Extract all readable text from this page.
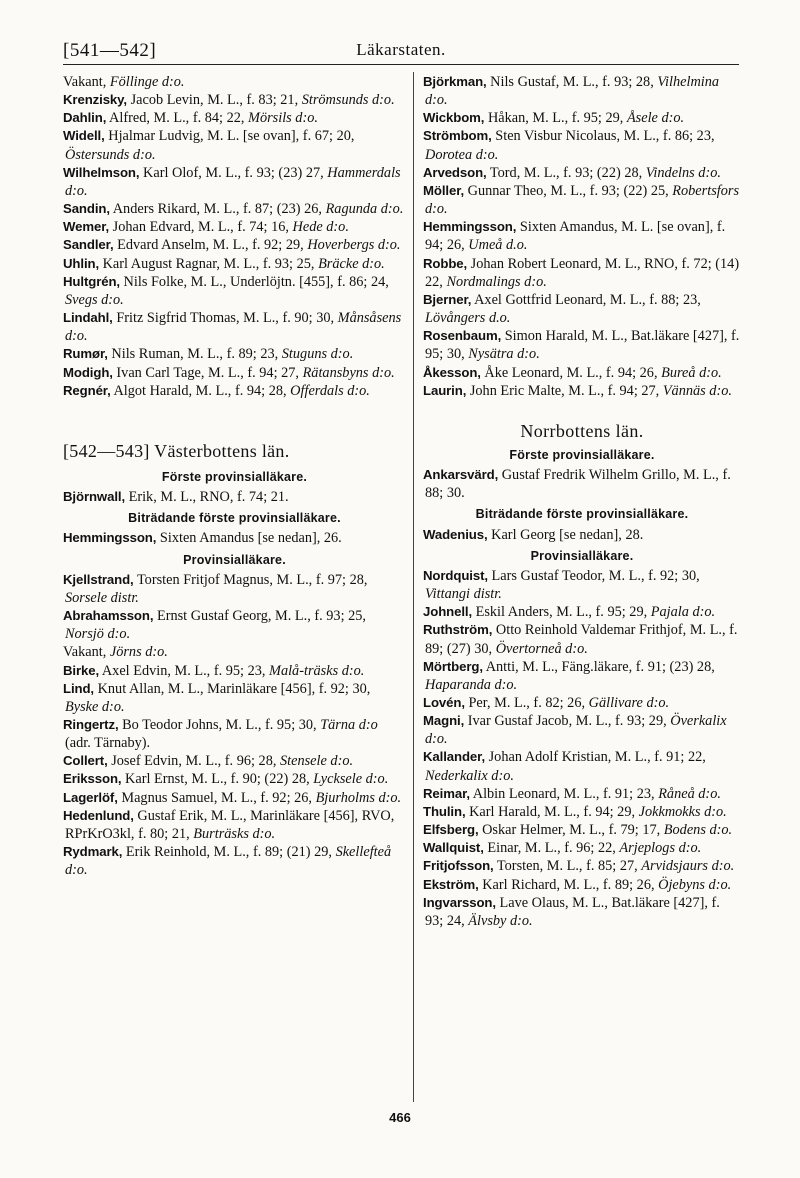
[541—542]	Läkarstaten.
Vakant, Föllinge d:o.
Krenzisky, Jacob Levin, M. L., f. 83; 21, Strömsunds d:o.
Dahlin, Alfred, M. L., f. 84; 22, Mörsils d:o.
Widell, Hjalmar Ludvig, M. L. [se ovan], f. 67; 20, Östersunds d:o.
Wilhelmson, Karl Olof, M. L., f. 93; (23) 27, Hammerdals d:o.
Sandin, Anders Rikard, M. L., f. 87; (23) 26, Ragunda d:o.
Wemer, Johan Edvard, M. L., f. 74; 16, Hede d:o.
Sandler, Edvard Anselm, M. L., f. 92; 29, Hoverbergs d:o.
Uhlin, Karl August Ragnar, M. L., f. 93; 25, Bräcke d:o.
Hultgrén, Nils Folke, M. L., Underlöjtn. [455], f. 86; 24, Svegs d:o.
Lindahl, Fritz Sigfrid Thomas, M. L., f. 90; 30, Månsåsens d:o.
Rumør, Nils Ruman, M. L., f. 89; 23, Stuguns d:o.
Modigh, Ivan Carl Tage, M. L., f. 94; 27, Rätansbyns d:o.
Regnér, Algot Harald, M. L., f. 94; 28, Offerdals d:o.
[542—543] Västerbottens län.
Förste provinsialläkare.
Björnwall, Erik, M. L., RNO, f. 74; 21.
Biträdande förste provinsialläkare.
Hemmingsson, Sixten Amandus [se nedan], 26.
Provinsialläkare.
Kjellstrand, Torsten Fritjof Magnus, M. L., f. 97; 28, Sorsele distr.
Abrahamsson, Ernst Gustaf Georg, M. L., f. 93; 25, Norsjö d:o.
Vakant, Jörns d:o.
Birke, Axel Edvin, M. L., f. 95; 23, Malå-träsks d:o.
Lind, Knut Allan, M. L., Marinläkare [456], f. 92; 30, Byske d:o.
Ringertz, Bo Teodor Johns, M. L., f. 95; 30, Tärna d:o (adr. Tärnaby).
Collert, Josef Edvin, M. L., f. 96; 28, Stensele d:o.
Eriksson, Karl Ernst, M. L., f. 90; (22) 28, Lycksele d:o.
Lagerlöf, Magnus Samuel, M. L., f. 92; 26, Bjurholms d:o.
Hedenlund, Gustaf Erik, M. L., Marinläkare [456], RVO, RPrKrO3kl, f. 80; 21, Burträsks d:o.
Rydmark, Erik Reinhold, M. L., f. 89; (21) 29, Skellefteå d:o.
Björkman, Nils Gustaf, M. L., f. 93; 28, Vilhelmina d:o.
Wickbom, Håkan, M. L., f. 95; 29, Åsele d:o.
Strömbom, Sten Visbur Nicolaus, M. L., f. 86; 23, Dorotea d:o.
Arvedson, Tord, M. L., f. 93; (22) 28, Vindelns d:o.
Möller, Gunnar Theo, M. L., f. 93; (22) 25, Robertsfors d:o.
Hemmingsson, Sixten Amandus, M. L. [se ovan], f. 94; 26, Umeå d.o.
Robbe, Johan Robert Leonard, M. L., RNO, f. 72; (14) 22, Nordmalings d:o.
Bjerner, Axel Gottfrid Leonard, M. L., f. 88; 23, Lövångers d.o.
Rosenbaum, Simon Harald, M. L., Bat.läkare [427], f. 95; 30, Nysätra d:o.
Åkesson, Åke Leonard, M. L., f. 94; 26, Bureå d:o.
Laurin, John Eric Malte, M. L., f. 94; 27, Vännäs d:o.
Norrbottens län.
Förste provinsialläkare.
Ankarsvärd, Gustaf Fredrik Wilhelm Grillo, M. L., f. 88; 30.
Biträdande förste provinsialläkare.
Wadenius, Karl Georg [se nedan], 28.
Provinsialläkare.
Nordquist, Lars Gustaf Teodor, M. L., f. 92; 30, Vittangi distr.
Johnell, Eskil Anders, M. L., f. 95; 29, Pajala d:o.
Ruthström, Otto Reinhold Valdemar Frithjof, M. L., f. 89; (27) 30, Övertorneå d:o.
Mörtberg, Antti, M. L., Fäng.läkare, f. 91; (23) 28, Haparanda d:o.
Lovén, Per, M. L., f. 82; 26, Gällivare d:o.
Magni, Ivar Gustaf Jacob, M. L., f. 93; 29, Överkalix d:o.
Kallander, Johan Adolf Kristian, M. L., f. 91; 22, Nederkalix d:o.
Reimar, Albin Leonard, M. L., f. 91; 23, Råneå d:o.
Thulin, Karl Harald, M. L., f. 94; 29, Jokkmokks d:o.
Elfsberg, Oskar Helmer, M. L., f. 79; 17, Bodens d:o.
Wallquist, Einar, M. L., f. 96; 22, Arjeplogs d:o.
Fritjofsson, Torsten, M. L., f. 85; 27, Arvidsjaurs d:o.
Ekström, Karl Richard, M. L., f. 89; 26, Öjebyns d:o.
Ingvarsson, Lave Olaus, M. L., Bat.läkare [427], f. 93; 24, Älvsby d:o.
466
